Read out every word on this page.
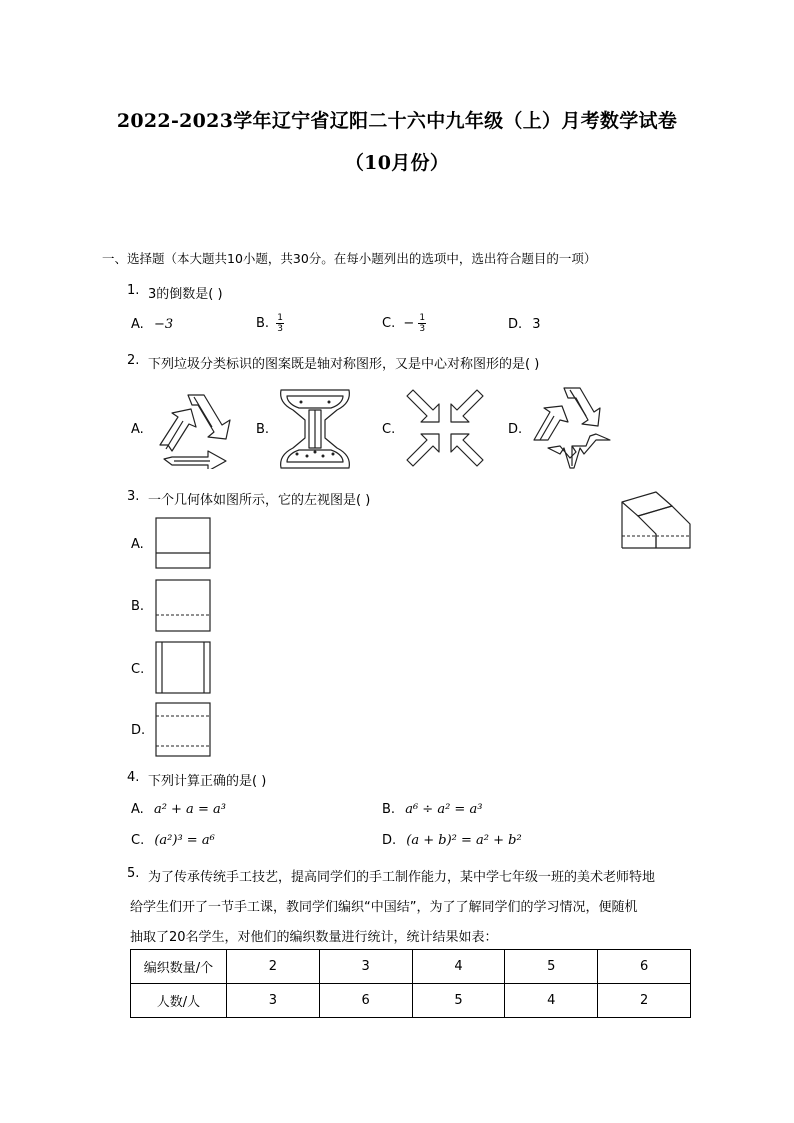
2022-2023学年辽宁省辽阳二十六中九年级（上）月考数学试卷
（10月份）
一、选择题（本大题共10小题，共30分。在每小题列出的选项中，选出符合题目的一项）
1. 3的倒数是( )
A. −3	B. $\frac{1}{3}$	C. − $\frac{1}{3}$	D. 3
2. 下列垃圾分类标识的图案既是轴对称图形，又是中心对称图形的是( )
A.	B.	C.	D.
3. 一个几何体如图所示，它的左视图是( )
A.
B.
C.
D.
4. 下列计算正确的是( )
A. a² + a = a³	B. a⁶ ÷ a² = a³
C. (a²)³ = a⁶	D. (a + b)² = a² + b²
5. 为了传承传统手工技艺，提高同学们的手工制作能力，某中学七年级一班的美术老师特地
给学生们开了一节手工课，教同学们编织“中国结”，为了了解同学们的学习情况，便随机
抽取了20名学生，对他们的编织数量进行统计，统计结果如表：
编织数量/个	2	3	4	5	6
人数/人	3	6	5	4	2
